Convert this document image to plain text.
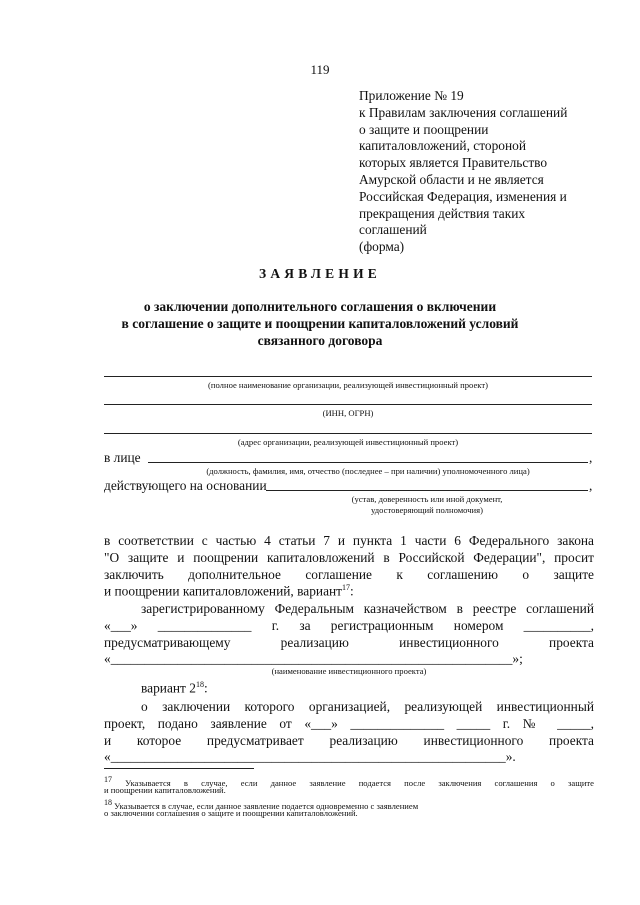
119
Приложение № 19
к Правилам заключения соглашений
о защите и поощрении
капиталовложений, стороной
которых является Правительство
Амурской области и не является
Российская Федерация, изменения и
прекращения действия таких
соглашений
(форма)
ЗАЯВЛЕНИЕ
о заключении дополнительного соглашения о включении
в соглашение о защите и поощрении капиталовложений условий
связанного договора
(полное наименование организации, реализующей инвестиционный проект)
(ИНН, ОГРН)
(адрес организации, реализующей инвестиционный проект)
в лице	,
(должность, фамилия, имя, отчество (последнее – при наличии) уполномоченного лица)
действующего на основании	,
(устав, доверенность или иной документ,
удостоверяющий полномочия)
в соответствии с частью 4 статьи 7 и пункта 1 части 6 Федерального закона
"О защите и поощрении капиталовложений в Российской Федерации", просит
заключить дополнительное соглашение к соглашению о защите
и поощрении капиталовложений, вариант$^{17}$:
зарегистрированному Федеральным казначейством в реестре соглашений
«___» ______________ г. за регистрационным номером __________,
предусматривающему реализацию инвестиционного проекта
«____________________________________________________________»;
(наименование инвестиционного проекта)
вариант $2^{18}$:
о заключении которого организацией, реализующей инвестиционный
проект, подано заявление от «___» ______________ _____ г. № _____,
и которое предусматривает реализацию инвестиционного проекта
«___________________________________________________________».
$^{17}$ Указывается в случае, если данное заявление подается после заключения соглашения о защите
и поощрении капиталовложений.
$^{18}$ Указывается в случае, если данное заявление подается одновременно с заявлением
о заключении соглашения о защите и поощрении капиталовложений.
